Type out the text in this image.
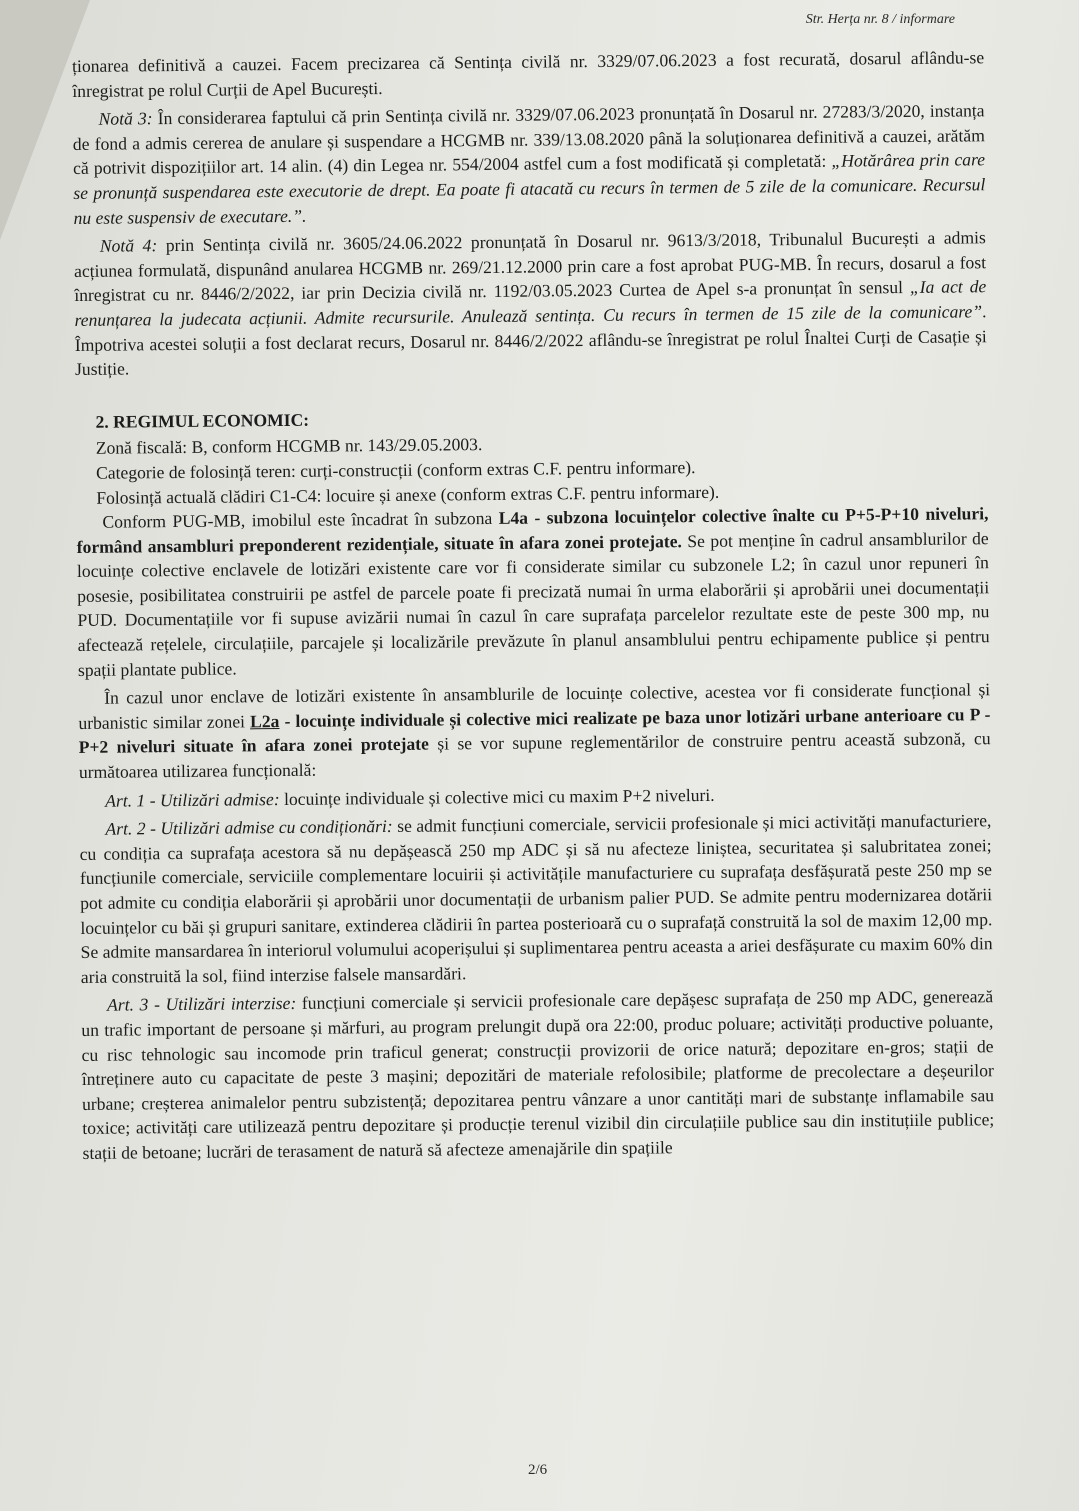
Str. Herța nr. 8 / informare

ționarea definitivă a cauzei. Facem precizarea că Sentința civilă nr. 3329/07.06.2023 a fost recurată, dosarul aflându-se înregistrat pe rolul Curții de Apel București.

Notă 3: În considerarea faptului că prin Sentința civilă nr. 3329/07.06.2023 pronunțată în Dosarul nr. 27283/3/2020, instanța de fond a admis cererea de anulare și suspendare a HCGMB nr. 339/13.08.2020 până la soluționarea definitivă a cauzei, arătăm că potrivit dispozițiilor art. 14 alin. (4) din Legea nr. 554/2004 astfel cum a fost modificată și completată: „Hotărârea prin care se pronunță suspendarea este executorie de drept. Ea poate fi atacată cu recurs în termen de 5 zile de la comunicare. Recursul nu este suspensiv de executare.”.

Notă 4: prin Sentința civilă nr. 3605/24.06.2022 pronunțată în Dosarul nr. 9613/3/2018, Tribunalul București a admis acțiunea formulată, dispunând anularea HCGMB nr. 269/21.12.2000 prin care a fost aprobat PUG-MB. În recurs, dosarul a fost înregistrat cu nr. 8446/2/2022, iar prin Decizia civilă nr. 1192/03.05.2023 Curtea de Apel s-a pronunțat în sensul „Ia act de renunțarea la judecata acțiunii. Admite recursurile. Anulează sentința. Cu recurs în termen de 15 zile de la comunicare”. Împotriva acestei soluții a fost declarat recurs, Dosarul nr. 8446/2/2022 aflându-se înregistrat pe rolul Înaltei Curți de Casație și Justiție.

2. REGIMUL ECONOMIC:
Zonă fiscală: B, conform HCGMB nr. 143/29.05.2003.
Categorie de folosință teren: curți-construcții (conform extras C.F. pentru informare).
Folosință actuală clădiri C1-C4: locuire și anexe (conform extras C.F. pentru informare).

Conform PUG-MB, imobilul este încadrat în subzona L4a - subzona locuințelor colective înalte cu P+5-P+10 niveluri, formând ansambluri preponderent rezidențiale, situate în afara zonei protejate. Se pot menține în cadrul ansamblurilor de locuințe colective enclavele de lotizări existente care vor fi considerate similar cu subzonele L2; în cazul unor repuneri în posesie, posibilitatea construirii pe astfel de parcele poate fi precizată numai în urma elaborării și aprobării unei documentații PUD. Documentațiile vor fi supuse avizării numai în cazul în care suprafața parcelelor rezultate este de peste 300 mp, nu afectează rețelele, circulațiile, parcajele și localizările prevăzute în planul ansamblului pentru echipamente publice și pentru spații plantate publice.

În cazul unor enclave de lotizări existente în ansamblurile de locuințe colective, acestea vor fi considerate funcțional și urbanistic similar zonei L2a - locuințe individuale și colective mici realizate pe baza unor lotizări urbane anterioare cu P - P+2 niveluri situate în afara zonei protejate și se vor supune reglementărilor de construire pentru această subzonă, cu următoarea utilizarea funcțională:

Art. 1 - Utilizări admise: locuințe individuale și colective mici cu maxim P+2 niveluri.

Art. 2 - Utilizări admise cu condiționări: se admit funcțiuni comerciale, servicii profesionale și mici activități manufacturiere, cu condiția ca suprafața acestora să nu depășească 250 mp ADC și să nu afecteze liniștea, securitatea și salubritatea zonei; funcțiunile comerciale, serviciile complementare locuirii și activitățile manufacturiere cu suprafața desfășurată peste 250 mp se pot admite cu condiția elaborării și aprobării unor documentații de urbanism palier PUD. Se admite pentru modernizarea dotării locuințelor cu băi și grupuri sanitare, extinderea clădirii în partea posterioară cu o suprafață construită la sol de maxim 12,00 mp. Se admite mansardarea în interiorul volumului acoperișului și suplimentarea pentru aceasta a ariei desfășurate cu maxim 60% din aria construită la sol, fiind interzise falsele mansardări.

Art. 3 - Utilizări interzise: funcțiuni comerciale și servicii profesionale care depășesc suprafața de 250 mp ADC, generează un trafic important de persoane și mărfuri, au program prelungit după ora 22:00, produc poluare; activități productive poluante, cu risc tehnologic sau incomode prin traficul generat; construcții provizorii de orice natură; depozitare en-gros; stații de întreținere auto cu capacitate de peste 3 mașini; depozitări de materiale refolosibile; platforme de precolectare a deșeurilor urbane; creșterea animalelor pentru subzistență; depozitarea pentru vânzare a unor cantități mari de substanțe inflamabile sau toxice; activități care utilizează pentru depozitare și producție terenul vizibil din circulațiile publice sau din instituțiile publice; stații de betoane; lucrări de terasament de natură să afecteze amenajările din spațiile

2/6
